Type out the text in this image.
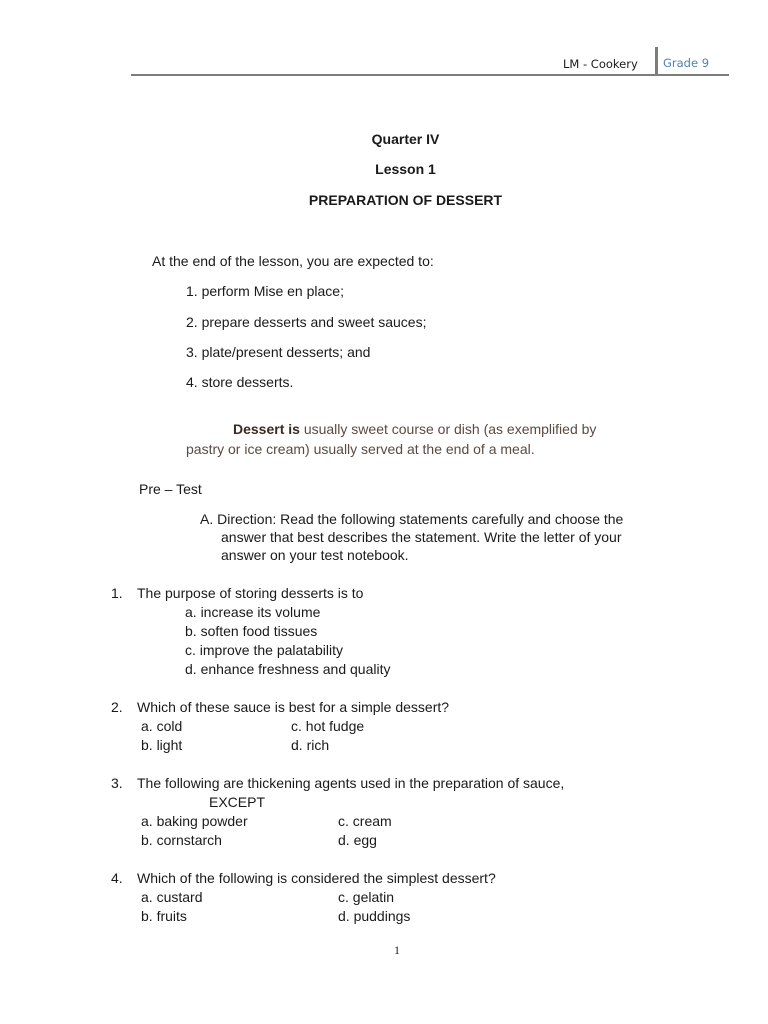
LM - Cookery Grade 9
Quarter IV
Lesson 1
PREPARATION OF DESSERT
At the end of the lesson, you are expected to:
1. perform Mise en place;
2. prepare desserts and sweet sauces;
3. plate/present desserts; and
4. store desserts.
Dessert is usually sweet course or dish (as exemplified by
pastry or ice cream) usually served at the end of a meal.
Pre – Test

A. Direction: Read the following statements carefully and choose the

answer that best describes the statement. Write the letter of your

answer on your test notebook.

1. The purpose of storing desserts is to
a. increase its volume
b. soften food tissues
c. improve the palatability
d. enhance freshness and quality
2. Which of these sauce is best for a simple dessert?
a. cold	c. hot fudge
b. light	d. rich
3. The following are thickening agents used in the preparation of sauce,
EXCEPT
a. baking powder	c. cream
b. cornstarch	d. egg
4. Which of the following is considered the simplest dessert?
a. custard	c. gelatin
b. fruits	d. puddings
1
